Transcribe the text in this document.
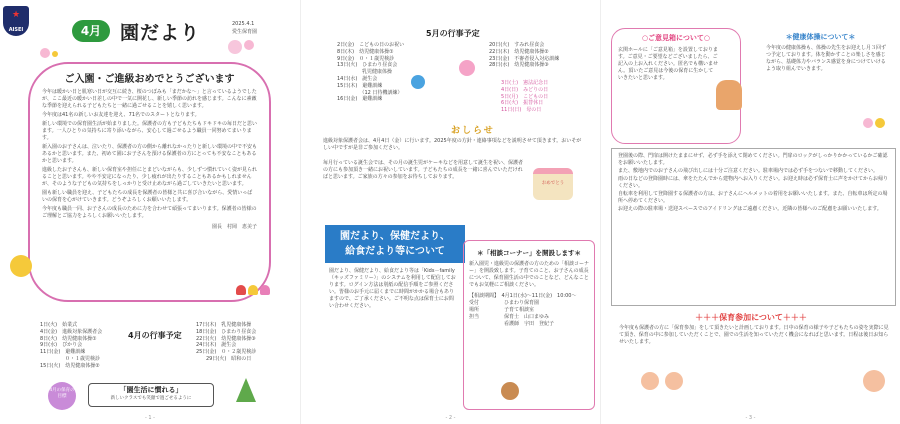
★
AISEI	4月 園だより	2025.4.1
愛生保育園
ご入園・ご進級おめでとうございます

今年は暖かい日と肌寒い日が交互に続き、桜のつぼみも「まだかな～」と言っているようでしたが、ここ最近の暖かい日差しの中で一気に開花し、新しい季節の訪れを感じます。こんなに素敵な季節を迎えられる子どもたちと一緒に過ごせることを嬉しく思います。

今年度は41名の新しいお友達を迎え、71名でのスタートとなります。

新しい環境での保育園生活が始まりました。保護者の方も子どもたちもドキドキの毎日だと思います。一人ひとりの気持ちに寄り添いながら、安心して過ごせるよう職員一同努めてまいります。

新入園のお子さんは、泣いたり、保護者の方の側から離れなかったりと新しい環境の中で不安もあるかと思います。また、初めて園にお子さんを預ける保護者の方にとっても不安なこともあるかと思います。

進級したお子さんも、新しい保育室や担任にとまどいながらも、少しずつ慣れていく姿が見られることと思います。やや不安定になったり、少し疲れが出たりすることもあるかもしれませんが、そのような子どもの気持ちをしっかりと受け止めながら過ごしていきたいと思います。

園も新しい職員を迎え、子どもたちの成長を保護者の皆様と共に喜び合いながら、愛情いっぱいの保育を心がけていきます。どうぞよろしくお願いいたします。

今年度も職員一同、お子さんの成長のために力を合わせて頑張ってまいります。保護者の皆様のご理解とご協力をよろしくお願いいたします。

園長　村岡　恵美子
1日(火)　始業式
4日(金)　進級対象保護者会
8日(火)　幼児健康体操①
9日(水)　ぴかり会
11日(金)　避難訓練
　　　　　０・１歳児検診
15日(火)　幼児健康体操②
4月の行事予定
17日(木)　乳児健康体操
18日(金)　ひまわり昼食会
22日(火)　幼児健康体操③
24日(木)　誕生会
25日(金)　０・２歳児検診
　　29日(火)　昭和の日
4月の保育の目標
「園生活に慣れる」
新しいクラスでも笑顔で過ごせるように
- 1 -
5月の行事予定
2日(金)　こどもの日のお祝い
8日(木)　幼児健康体操①
9日(金)　０・１歳児検診
13日(火)　ひまわり昼食会
　　　　　乳児健康体操
14日(水)　誕生会
15日(木)　避難訓練
　　　　　（12 日待機訓練）
16日(金)　避難訓練
20日(火)　すみれ昼食会
22日(木)　幼児健康体操②
23日(金)　不審者侵入対応訓練
28日(水)　幼児健康体操③
3日(土)　憲法記念日
4日(日)　みどりの日
5日(月)　こどもの日
6日(火)　振替休日
11日(日)　母の日
おしらせ

進級対象保護者会は、4月4日（金）に行います。2025年度の方針・連絡事項などを説明させて頂きます。おいそがしい中ですが是非ご参加ください。

毎月行っている誕生会では、その月の誕生児がケーキなどを用意して誕生を祝い、保護者の方にも参加頂き一緒にお祝いしています。子どもたちの成長を一緒に喜んでいただければと思います。ご家族の方々の参加をお待ちしております。

おめでとう
園だより、保健だより、
給食だより等について

園だより、保健だより、給食だより等は「Kids－family（キッズファミリー）」のシステムを利用して配信しております。ログイン方法は別紙の配信手順をご参照ください。皆様のお手元に届くまでに時間がかかる場合もありますので、ご了承ください。ご不明な点は保育士にお問い合わせください。

＊「相談コーナー」を開設します＊

新入園児・進級児の保護者の方のための「相談コーナー」を開設致します。子育てのこと、お子さんの成長について、保育園生活の中でのことなど、どんなことでもお気軽にご相談ください。

【相談期間】　4月1日(水)～11日(金)　10:00～
受付　　　　　ひまわり保育園
場所　　　　　子育て相談室
担当　　　　　保育士　山口まゆみ
　　　　　　　看護師　宇田　登紀子
- 2 -
○ご意見箱について○

玄関ホールに「ご意見箱」を設置しております。ご意見・ご要望などございましたら、ご記入の上お入れください。匿名でも構いません。頂いたご意見は今後の保育に生かしていきたいと思います。

＊健康体操について＊

今年度の健康体操も、体操の先生をお迎えし月３回ずつ予定しております。体を動かすことの楽しさを感じながら、基礎体力やバランス感覚を身につけていけるよう取り組んでいきます。

登園後の際、門扉は開けたままにせず、必ず手を添えて閉めてください。門扉のロックがしっかりかかっているかご確認をお願いいたします。

また、敷地内でのお子さんの飛び出しには十分ご注意ください。駐車場内では必ず手をつないで移動してください。

雨の日などの登降園時には、傘をたたんでから建物内へお入りください。お迎え時は必ず保育士に声をかけてからお帰りください。

自転車を利用して登降園する保護者の方は、お子さんにヘルメットの着用をお願いいたします。また、自転車は所定の場所へ停めてください。

お迎えの際の駐車場・送迎スペースでのアイドリングはご遠慮ください。近隣の皆様へのご配慮をお願いいたします。

＋＋＋保育参加について＋＋＋

今年度も保護者の方に「保育参加」をして頂きたいと計画しております。日中の保育の様子や子どもたちの姿を実際に見て頂き、保育の中に参加していただくことで、園での生活を知っていただく機会になればと思います。日程は後日お知らせいたします。

- 3 -
